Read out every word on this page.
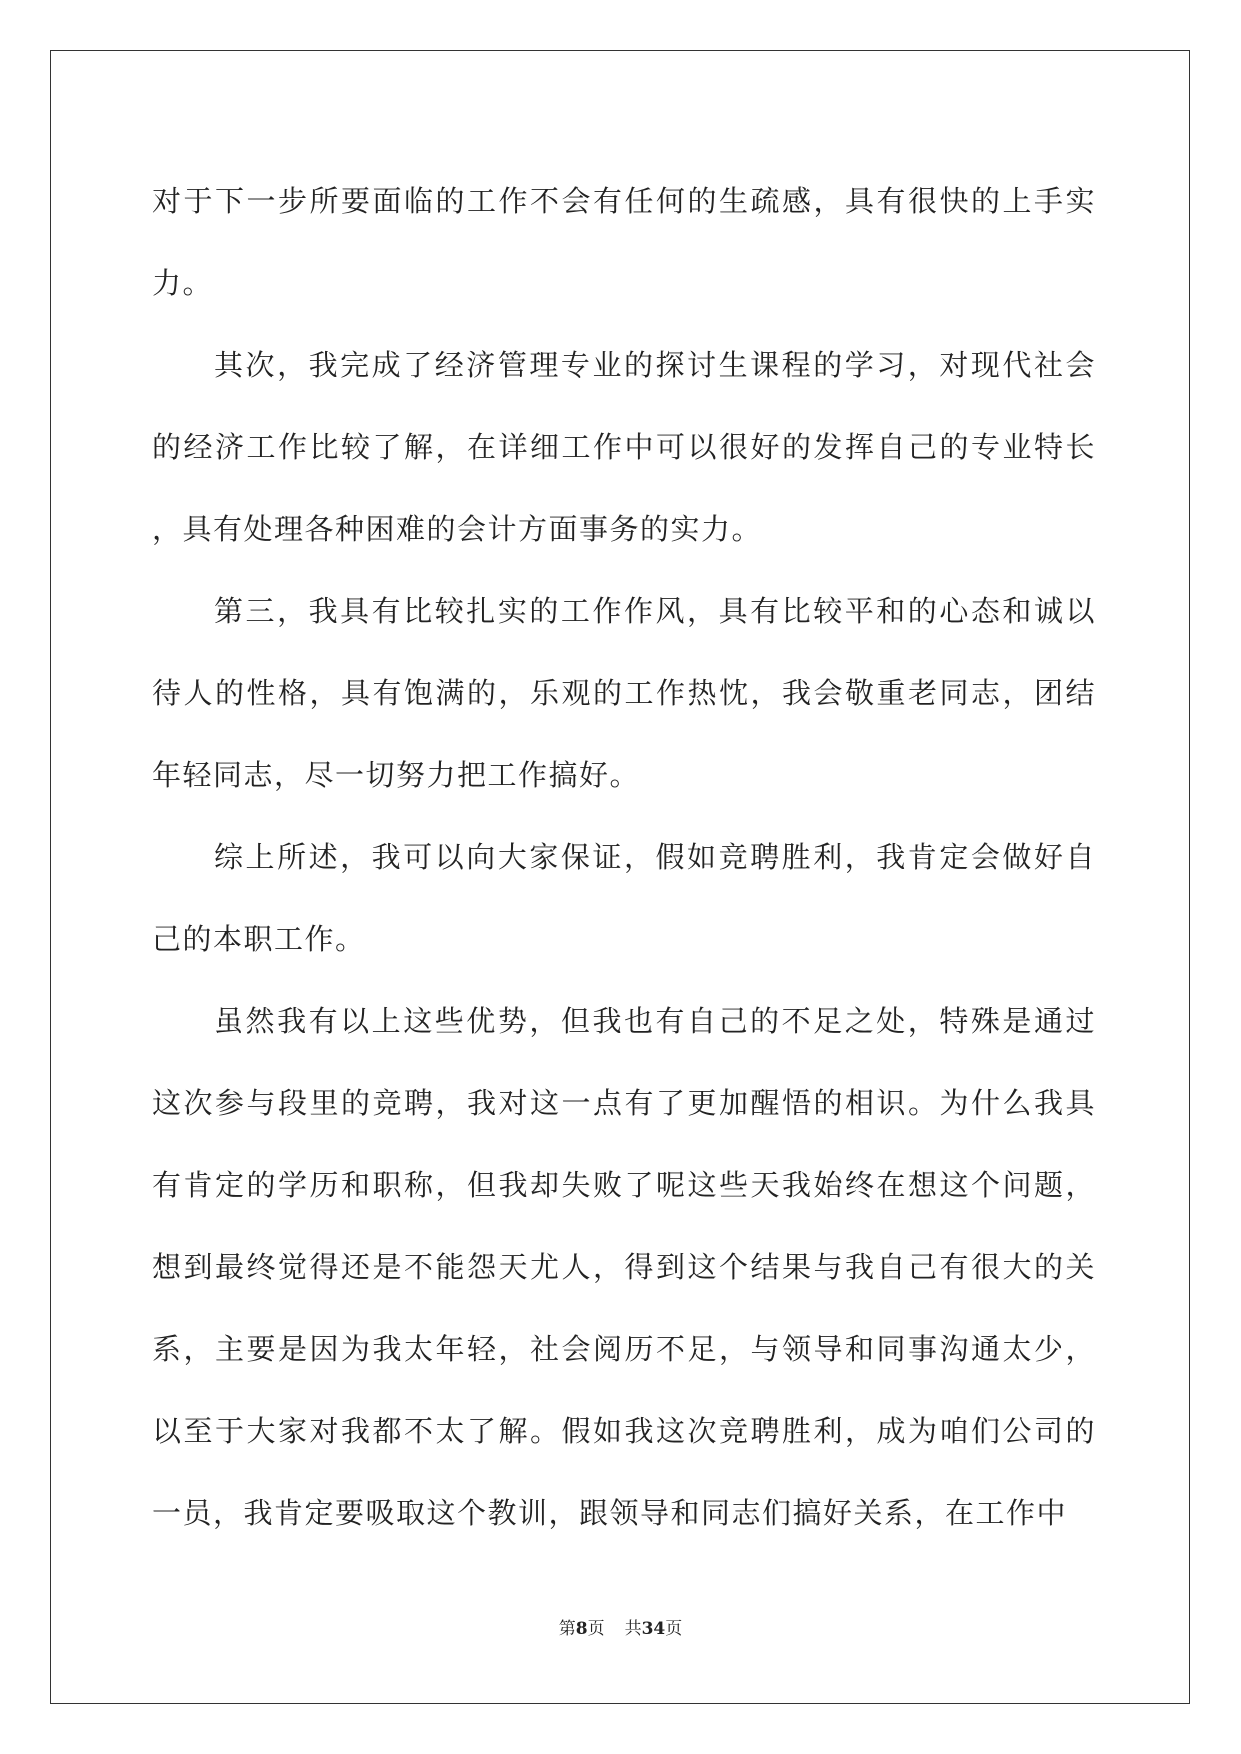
对于下一步所要面临的工作不会有任何的生疏感，具有很快的上手实力。

其次，我完成了经济管理专业的探讨生课程的学习，对现代社会的经济工作比较了解，在详细工作中可以很好的发挥自己的专业特长，具有处理各种困难的会计方面事务的实力。

第三，我具有比较扎实的工作作风，具有比较平和的心态和诚以待人的性格，具有饱满的，乐观的工作热忱，我会敬重老同志，团结年轻同志，尽一切努力把工作搞好。

综上所述，我可以向大家保证，假如竞聘胜利，我肯定会做好自己的本职工作。

虽然我有以上这些优势，但我也有自己的不足之处，特殊是通过这次参与段里的竞聘，我对这一点有了更加醒悟的相识。为什么我具有肯定的学历和职称，但我却失败了呢这些天我始终在想这个问题，想到最终觉得还是不能怨天尤人，得到这个结果与我自己有很大的关系，主要是因为我太年轻，社会阅历不足，与领导和同事沟通太少，以至于大家对我都不太了解。假如我这次竞聘胜利，成为咱们公司的一员，我肯定要吸取这个教训，跟领导和同志们搞好关系，在工作中

第8页 共34页
